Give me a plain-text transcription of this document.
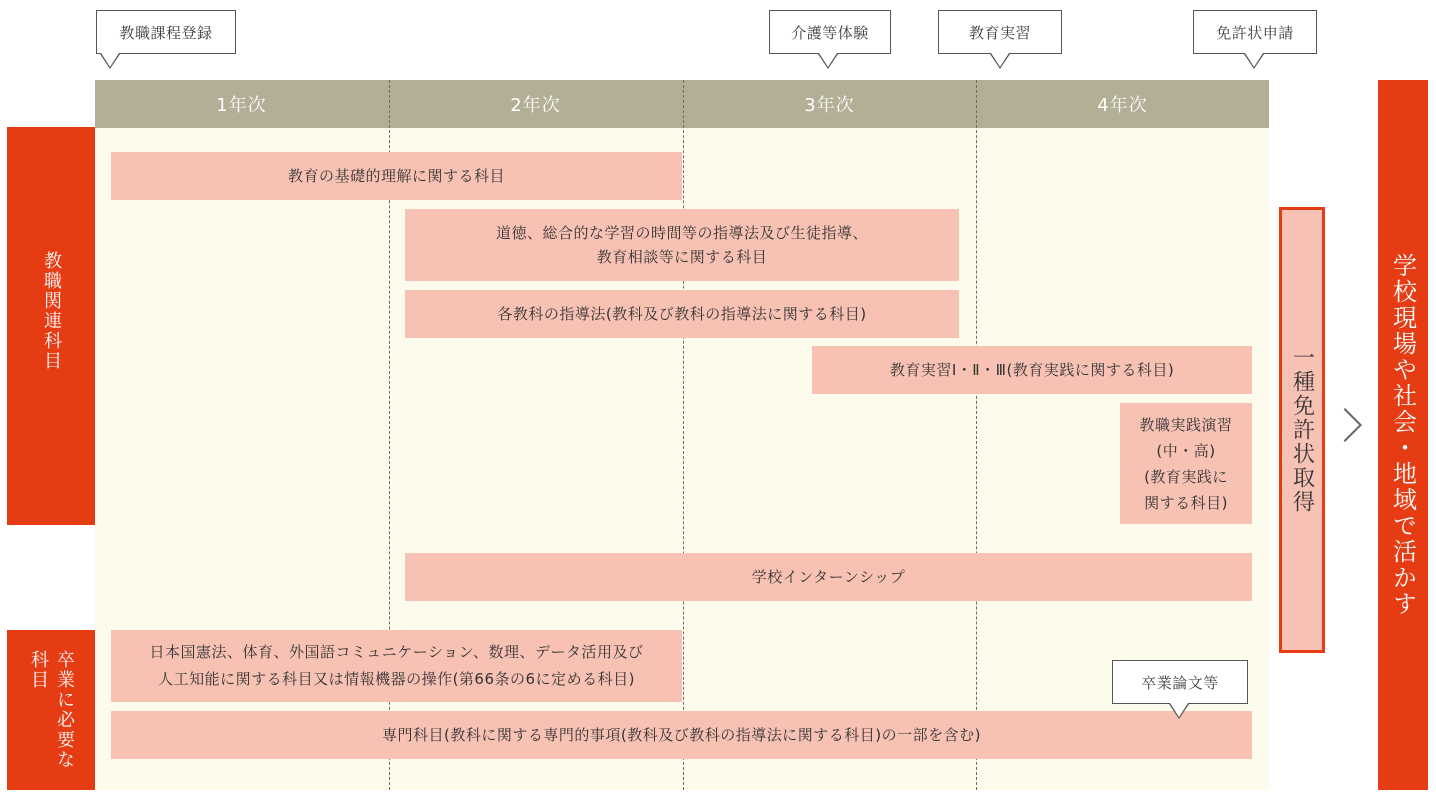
教職課程登録	介護等体験	教育実習	免許状申請
1年次	2年次	3年次	4年次
教職関連科目
卒業に必要な科目
教育の基礎的理解に関する科目
道徳、総合的な学習の時間等の指導法及び生徒指導、
教育相談等に関する科目
各教科の指導法(教科及び教科の指導法に関する科目)
教育実習Ⅰ・Ⅱ・Ⅲ(教育実践に関する科目)
教職実践演習
(中・高)
(教育実践に
関する科目)
学校インターンシップ
日本国憲法、体育、外国語コミュニケーション、数理、データ活用及び
人工知能に関する科目又は情報機器の操作(第66条の6に定める科目)
専門科目(教科に関する専門的事項(教科及び教科の指導法に関する科目)の一部を含む)
卒業論文等
一種免許状取得	学校現場や社会・地域で活かす
